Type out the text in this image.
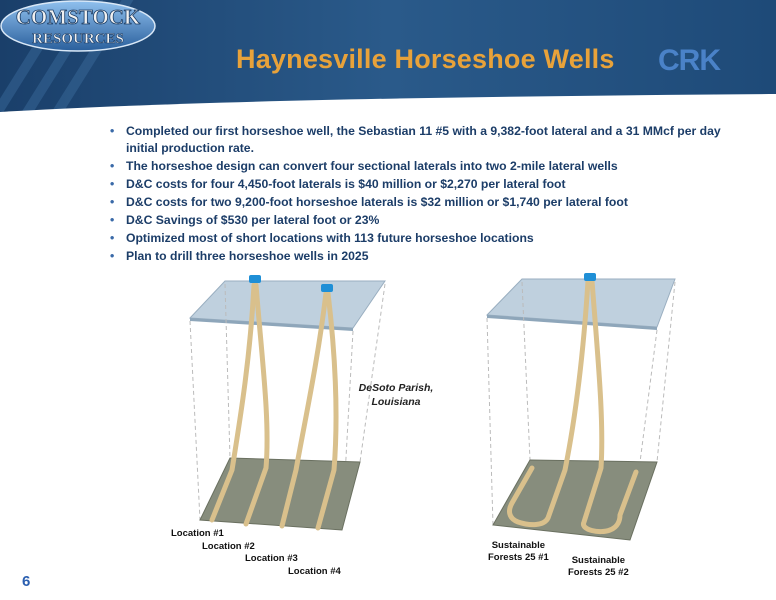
COMSTOCK
RESOURCES
Haynesville Horseshoe Wells CRK
• Completed our first horseshoe well, the Sebastian 11 #5 with a 9,382-foot lateral and a 31 MMcf per day initial production rate.
• The horseshoe design can convert four sectional laterals into two 2-mile lateral wells
• D&C costs for four 4,450-foot laterals is $40 million or $2,270 per lateral foot
• D&C costs for two 9,200-foot horseshoe laterals is $32 million or $1,740 per lateral foot
• D&C Savings of $530 per lateral foot or 23%
• Optimized most of short locations with 113 future horseshoe locations
• Plan to drill three horseshoe wells in 2025
DeSoto Parish,
Louisiana
Location #1
Location #2
Location #3
Location #4
Sustainable
Forests 25 #1	Sustainable
Forests 25 #2
6
